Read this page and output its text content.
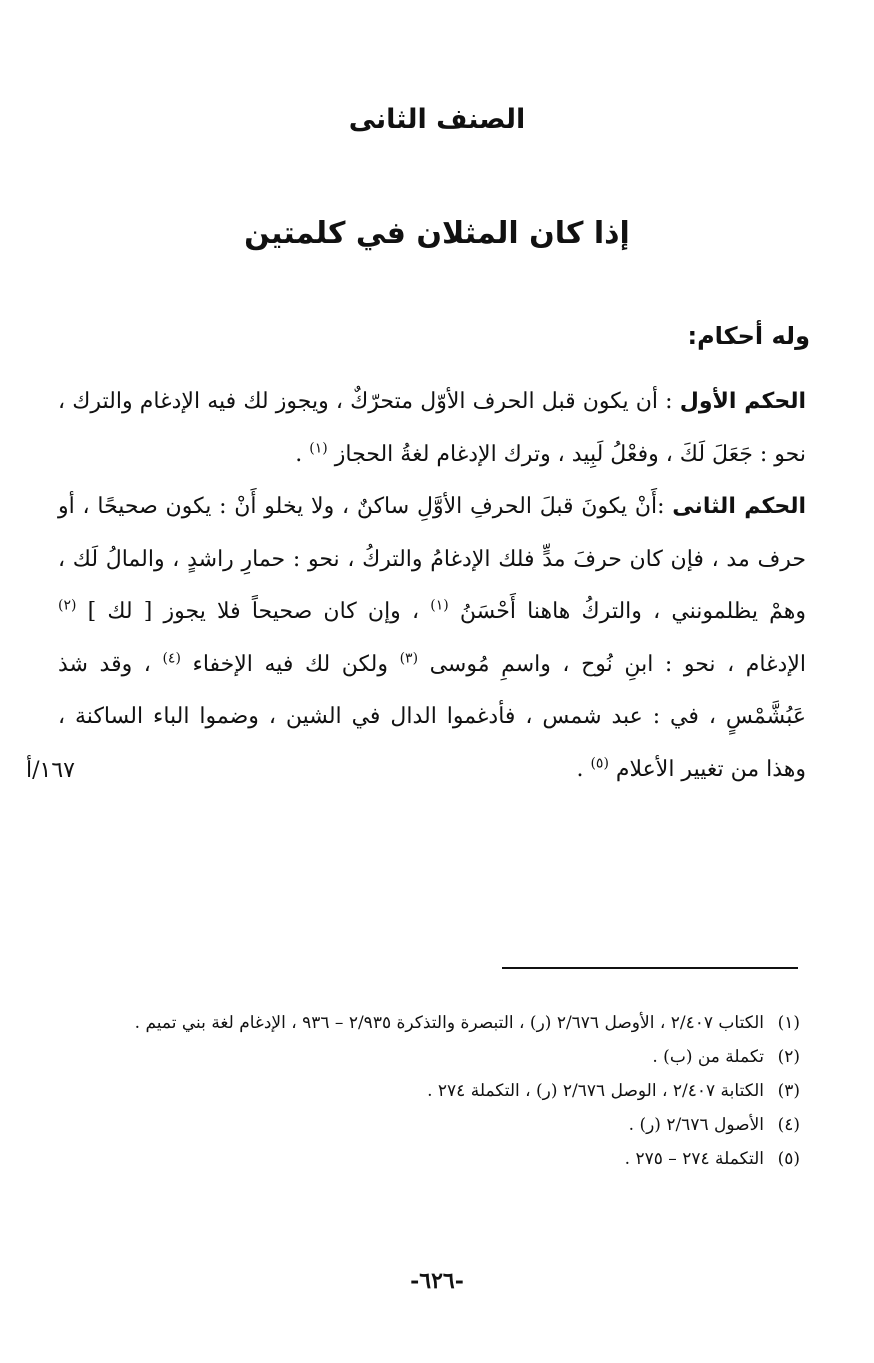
الصنف الثانى
إذا كان المثلان في كلمتين
وله أحكام:

الحكم الأول : أن يكون قبل الحرف الأوّل متحرّكٌ ، ويجوز لك فيه الإدغام والترك ، نحو : جَعَلَ لَكَ ، وفعْلُ لَبِيد ، وترك الإدغام لغةُ الحجاز $^{(١)}$ .

الحكم الثانى :أَنْ يكونَ قبلَ الحرفِ الأوَّلِ ساكنٌ ، ولا يخلو أَنْ : يكون صحيحًا ، أو حرف مد ، فإن كان حرفَ مدٍّ فلك الإدغامُ والتركُ ، نحو : حمارِ راشدٍ ، والمالُ لَك ، وهمْ يظلمونني ، والتركُ هاهنا أَحْسَنُ $^{(١)}$ ، وإن كان صحيحاً فلا يجوز [ لك ] $^{(٢)}$ الإدغام ، نحو : ابنِ نُوح ، واسمِ مُوسى $^{(٣)}$ ولكن لك فيه الإخفاء $^{(٤)}$ ، وقد شذ عَبُشَّمْسٍ ، في : عبد شمس ، فأدغموا الدال في الشين ، وضموا الباء الساكنة ، وهذا من تغيير الأعلام $^{(٥)}$ .

١٦٧/أ
(١)
الكتاب ٢/٤٠٧ ، الأوصل ٢/٦٧٦ (ر) ، التبصرة والتذكرة ٢/٩٣٥ – ٩٣٦ ، الإدغام لغة بني تميم .
(٢)
تكملة من (ب) .
(٣)
الكتابة ٢/٤٠٧ ، الوصل ٢/٦٧٦ (ر) ، التكملة ٢٧٤ .
(٤)
الأصول ٢/٦٧٦ (ر) .
(٥)
التكملة ٢٧٤ – ٢٧٥ .
-٦٢٦-
